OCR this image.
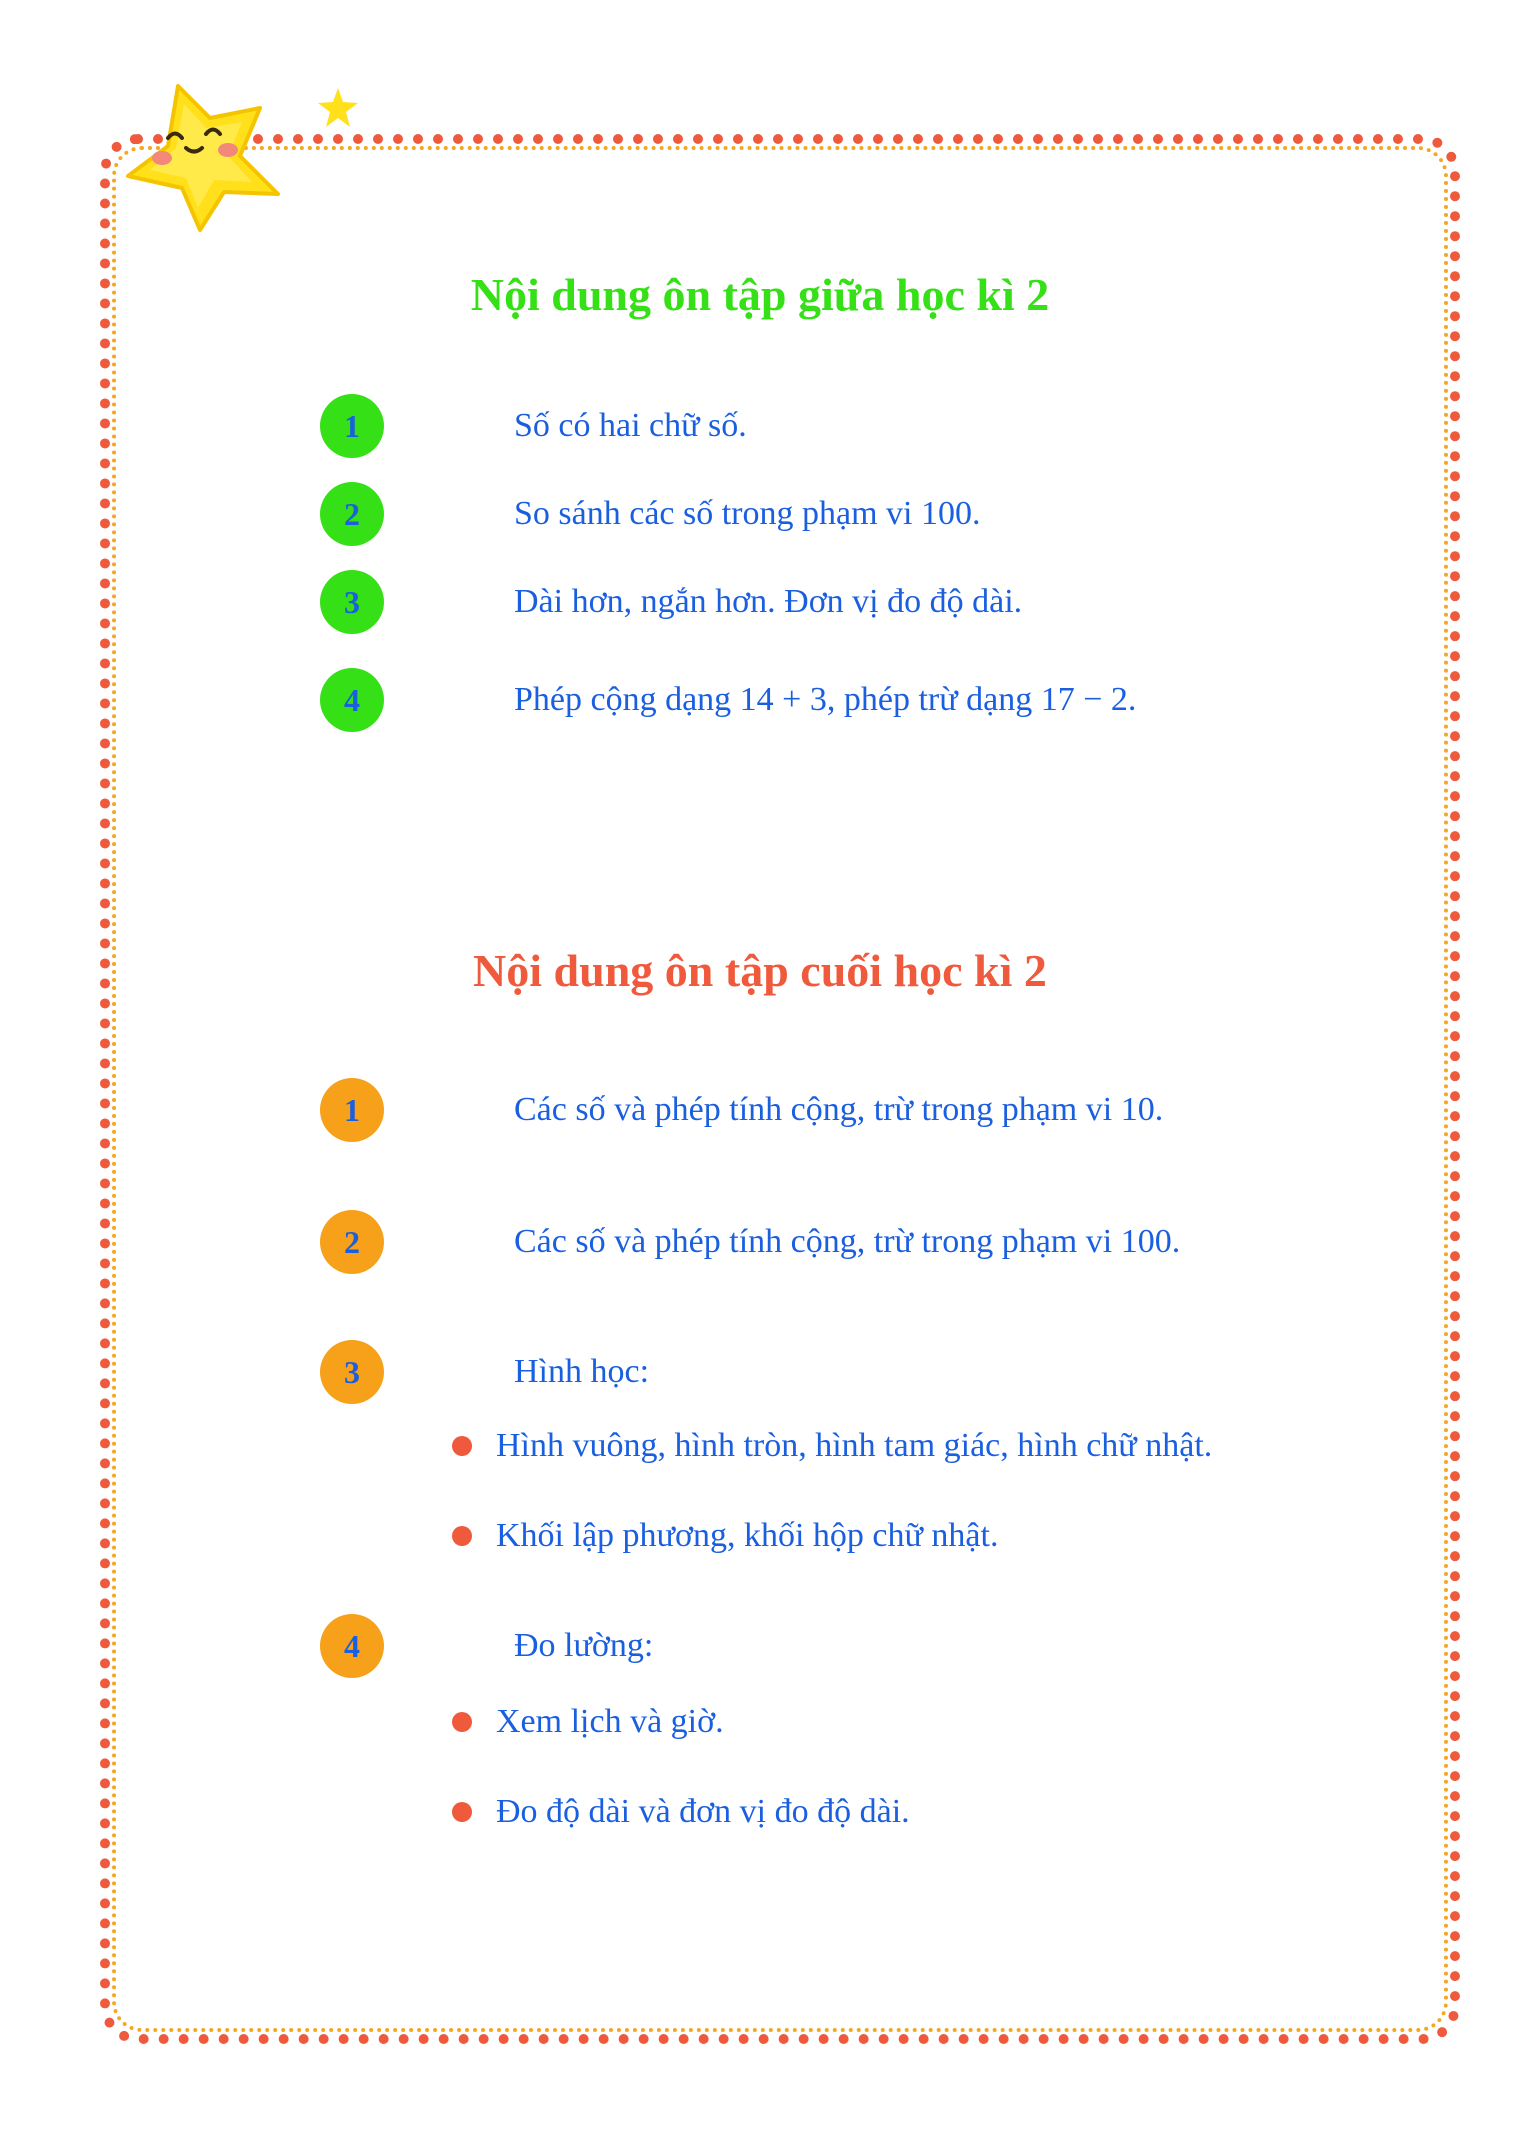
Nội dung ôn tập giữa học kì 2
1	Số có hai chữ số.
2	So sánh các số trong phạm vi 100.
3	Dài hơn, ngắn hơn. Đơn vị đo độ dài.
4	Phép cộng dạng 14 + 3, phép trừ dạng 17 − 2.
Nội dung ôn tập cuối học kì 2
1	Các số và phép tính cộng, trừ trong phạm vi 10.
2	Các số và phép tính cộng, trừ trong phạm vi 100.
3	Hình học:
Hình vuông, hình tròn, hình tam giác, hình chữ nhật.
Khối lập phương, khối hộp chữ nhật.
4	Đo lường:
Xem lịch và giờ.
Đo độ dài và đơn vị đo độ dài.
